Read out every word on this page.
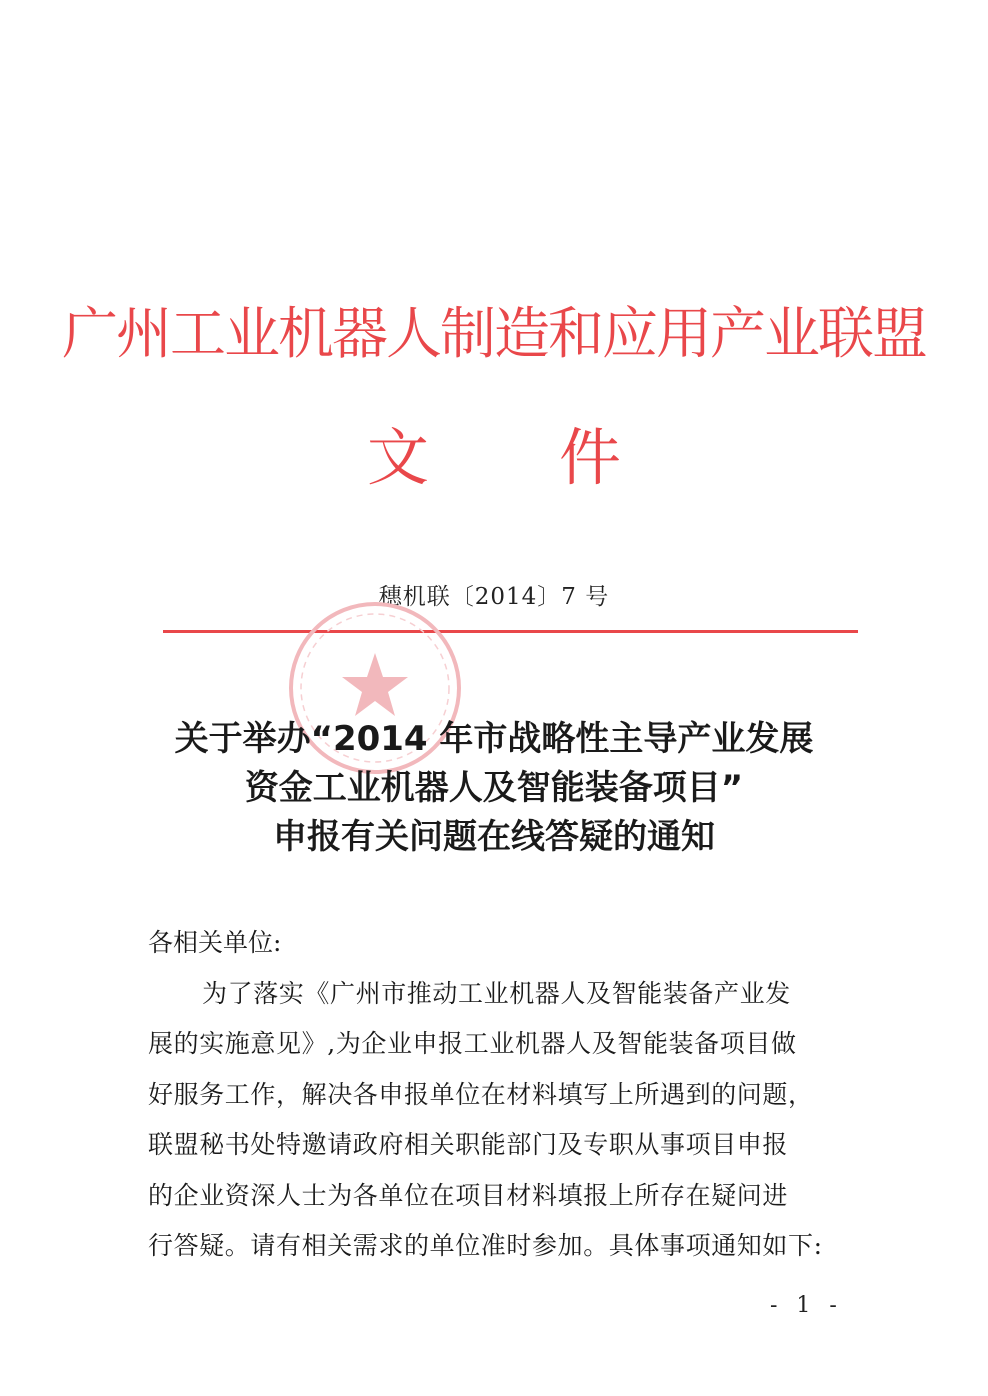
广州工业机器人制造和应用产业联盟
文 件
穗机联〔2014〕7 号
关于举办“2014 年市战略性主导产业发展
资金工业机器人及智能装备项目”
申报有关问题在线答疑的通知
各相关单位:
为了落实《广州市推动工业机器人及智能装备产业发
展的实施意见》,为企业申报工业机器人及智能装备项目做
好服务工作，解决各申报单位在材料填写上所遇到的问题，
联盟秘书处特邀请政府相关职能部门及专职从事项目申报
的企业资深人士为各单位在项目材料填报上所存在疑问进
行答疑。请有相关需求的单位准时参加。具体事项通知如下:
- 1 -
